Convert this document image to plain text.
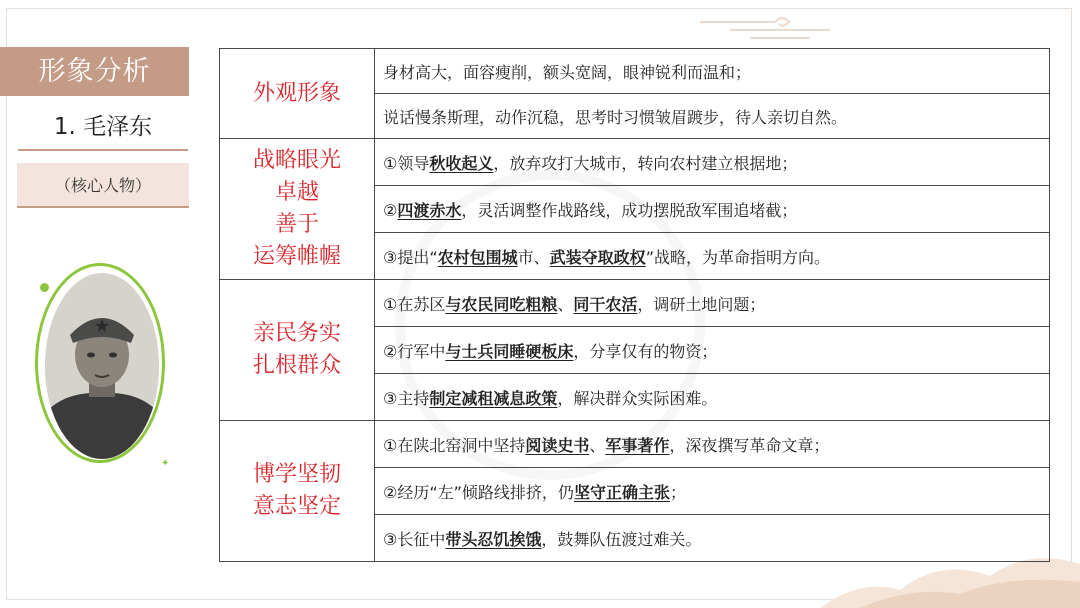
形象分析
1. 毛泽东
（核心人物）
✦
外观形象	身材高大，面容瘦削，额头宽阔，眼神锐利而温和；
	说话慢条斯理，动作沉稳，思考时习惯皱眉踱步，待人亲切自然。

战略眼光
卓越
善于
运筹帷幄	①领导秋收起义，放弃攻打大城市，转向农村建立根据地；
	②四渡赤水，灵活调整作战路线，成功摆脱敌军围追堵截；
	③提出“农村包围城市、武装夺取政权”战略，为革命指明方向。

亲民务实
扎根群众	①在苏区与农民同吃粗粮、同干农活，调研土地问题；
	②行军中与士兵同睡硬板床，分享仅有的物资；
	③主持制定减租减息政策，解决群众实际困难。

博学坚韧
意志坚定	①在陕北窑洞中坚持阅读史书、军事著作，深夜撰写革命文章；
	②经历“左”倾路线排挤，仍坚守正确主张；
	③长征中带头忍饥挨饿，鼓舞队伍渡过难关。
